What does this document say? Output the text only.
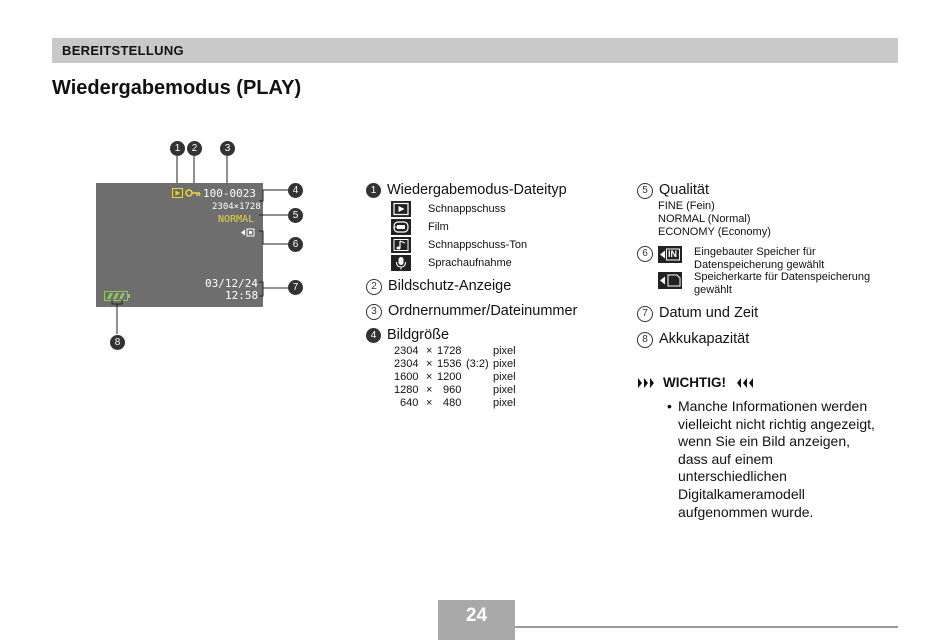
BEREITSTELLUNG
Wiedergabemodus (PLAY)
1	2	3
100-0023
2304×1728
NORMAL
03/12/24
12:58
4
5
6
7
8
1 Wiedergabemodus-Dateityp
Schnappschuss
Film
Schnappschuss-Ton
Sprachaufnahme
2 Bildschutz-Anzeige
3 Ordnernummer/Dateinummer
4 Bildgröße
2304 × 1728	pixel
2304 × 1536 (3:2) pixel
1600 × 1200	pixel
1280 × 960	pixel
640 × 480	pixel
5 Qualität
FINE (Fein)
NORMAL (Normal)
ECONOMY (Economy)
6	IN Eingebauter Speicher für
Datenspeicherung gewählt
Speicherkarte für Datenspeicherung
gewählt
7 Datum und Zeit
8 Akkukapazität
WICHTIG!
• Manche Informationen werden
vielleicht nicht richtig angezeigt,
wenn Sie ein Bild anzeigen,
dass auf einem
unterschiedlichen
Digitalkameramodell
aufgenommen wurde.
24
